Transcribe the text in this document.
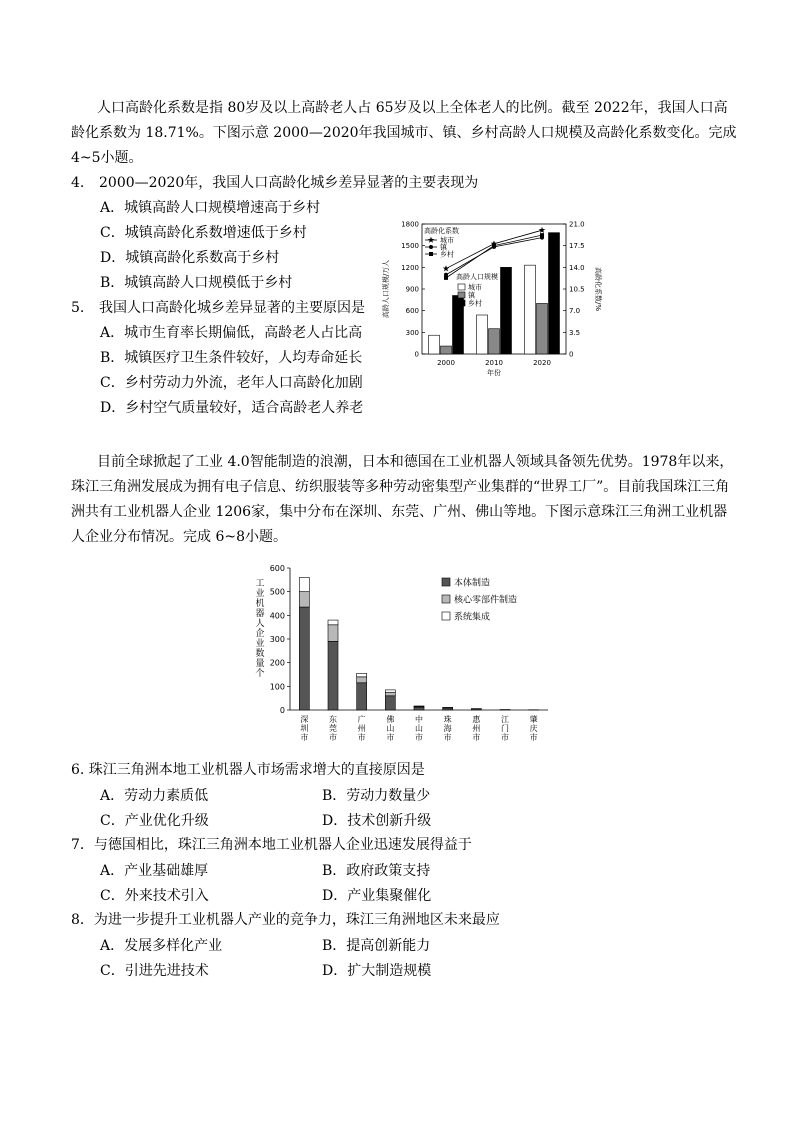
人口高龄化系数是指 80岁及以上高龄老人占 65岁及以上全体老人的比例。截至 2022年，我国人口高
龄化系数为 18.71%。下图示意 2000—2020年我国城市、镇、乡村高龄人口规模及高龄化系数变化。完成
4~5小题。
4. 2000—2020年，我国人口高龄化城乡差异显著的主要表现为
A．城镇高龄人口规模增速高于乡村
C．城镇高龄化系数增速低于乡村
D．城镇高龄化系数高于乡村
B．城镇高龄人口规模低于乡村
5. 我国人口高龄化城乡差异显著的主要原因是
A．城市生育率长期偏低，高龄老人占比高
B．城镇医疗卫生条件较好，人均寿命延长
C．乡村劳动力外流，老年人口高龄化加剧
D．乡村空气质量较好，适合高龄老人养老
0
300
600
900
1200
1500
1800
0
3.5
7.0
10.5
14.0
17.5
21.0
高龄人口规模/万人	高龄化系数/%
2000	2010	2020
年份
高龄化系数
城市
镇
乡村
高龄人口规模
城市
镇
乡村
目前全球掀起了工业 4.0智能制造的浪潮，日本和德国在工业机器人领域具备领先优势。1978年以来，
珠江三角洲发展成为拥有电子信息、纺织服装等多种劳动密集型产业集群的“世界工厂”。目前我国珠江三角
洲共有工业机器人企业 1206家，集中分布在深圳、东莞、广州、佛山等地。下图示意珠江三角洲工业机器
人企业分布情况。完成 6~8小题。
0
100
200
300
400
500
600
工业机器人企业数量个
深圳市
东莞市
广州市
佛山市
中山市
珠海市
惠州市
江门市
肇庆市
本体制造
核心零部件制造
系统集成
6. 珠江三角洲本地工业机器人市场需求增大的直接原因是
A．劳动力素质低	B．劳动力数量少
C．产业优化升级	D．技术创新升级
7．与德国相比，珠江三角洲本地工业机器人企业迅速发展得益于
A．产业基础雄厚	B．政府政策支持
C．外来技术引入	D．产业集聚催化
8．为进一步提升工业机器人产业的竞争力，珠江三角洲地区未来最应
A．发展多样化产业	B．提高创新能力
C．引进先进技术	D．扩大制造规模
